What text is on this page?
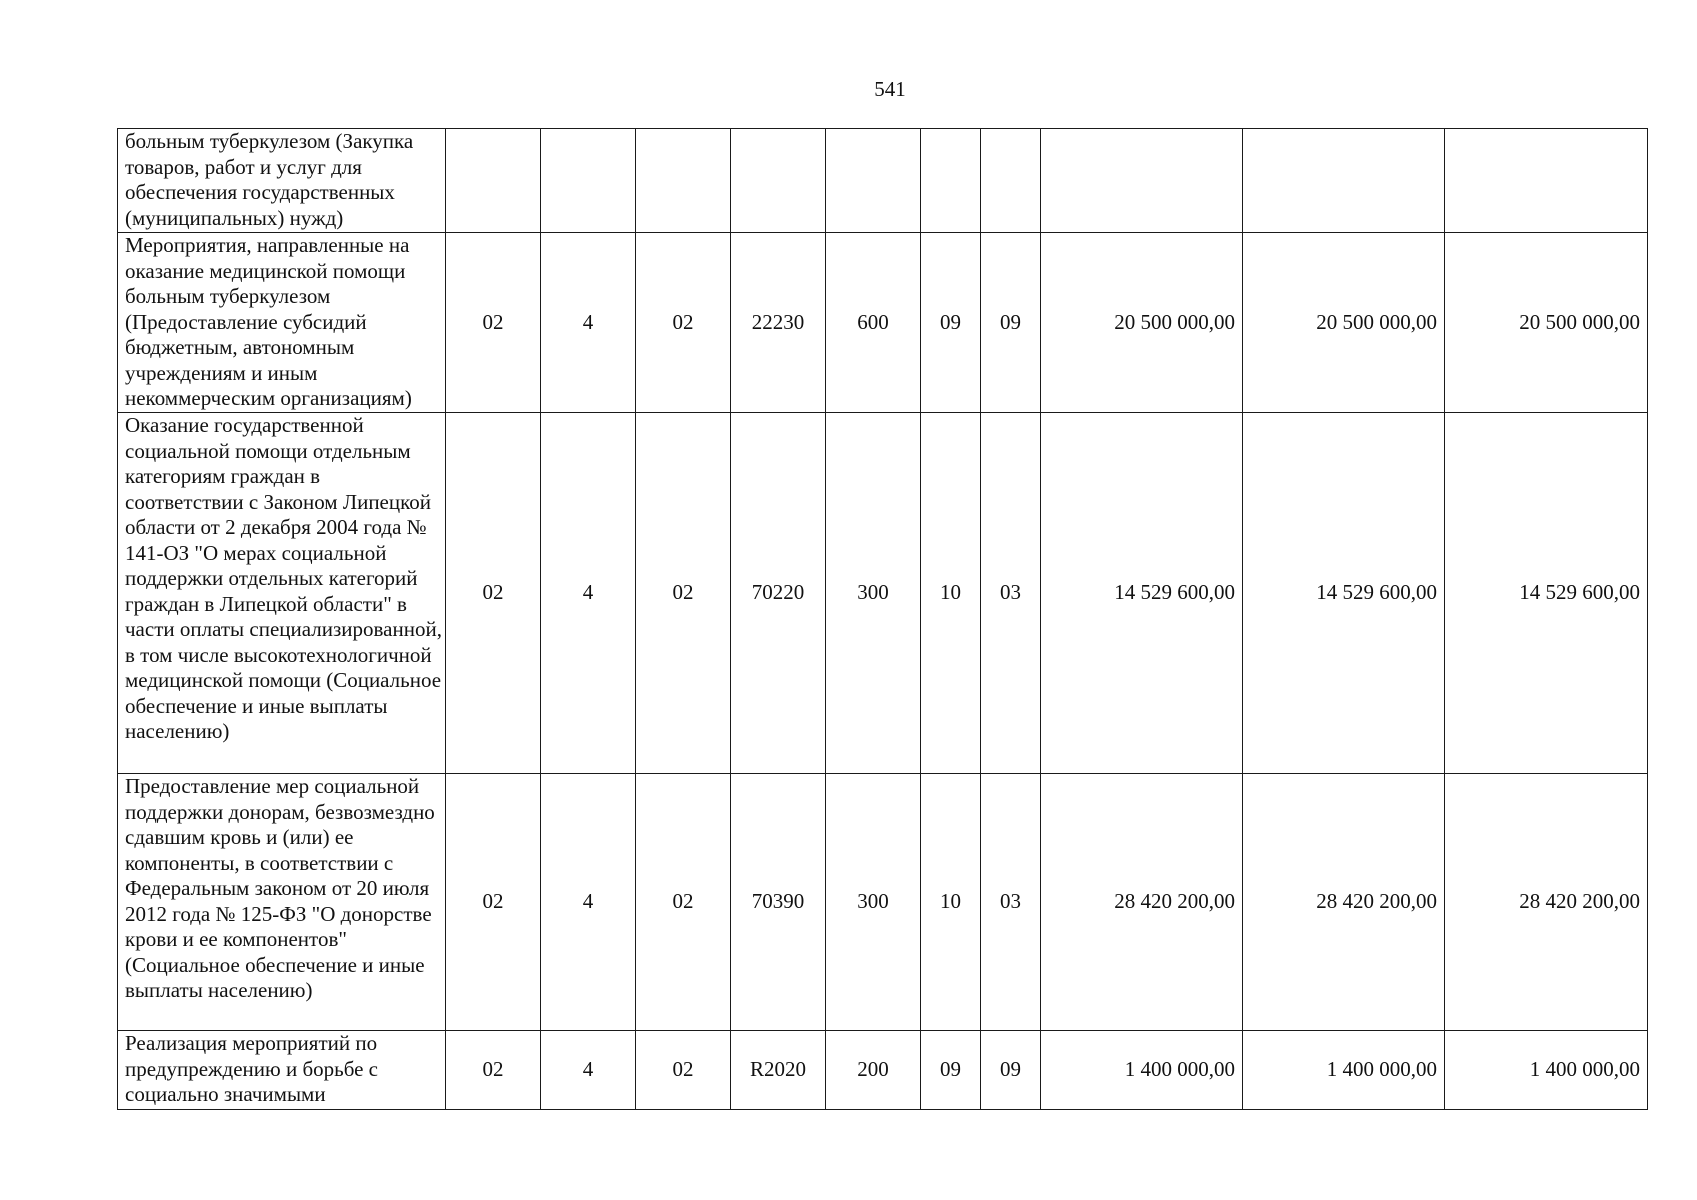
541
больным туберкулезом (Закупка товаров, работ и услуг для обеспечения государственных (муниципальных) нужд)										
Мероприятия, направленные на оказание медицинской помощи больным туберкулезом (Предоставление субсидий бюджетным, автономным учреждениям и иным некоммерческим организациям)	02	4	02	22230	600	09	09	20 500 000,00	20 500 000,00	20 500 000,00
Оказание государственной социальной помощи отдельным категориям граждан в соответствии с Законом Липецкой области от 2 декабря 2004 года № 141-ОЗ "О мерах социальной поддержки отдельных категорий граждан в Липецкой области" в части оплаты специализированной, в том числе высокотехнологичной медицинской помощи (Социальное обеспечение и иные выплаты населению)	02	4	02	70220	300	10	03	14 529 600,00	14 529 600,00	14 529 600,00
Предоставление мер социальной поддержки донорам, безвозмездно сдавшим кровь и (или) ее компоненты, в соответствии с Федеральным законом от 20 июля 2012 года № 125-ФЗ "О донорстве крови и ее компонентов" (Социальное обеспечение и иные выплаты населению)	02	4	02	70390	300	10	03	28 420 200,00	28 420 200,00	28 420 200,00
Реализация мероприятий по предупреждению и борьбе с социально значимыми	02	4	02	R2020	200	09	09	1 400 000,00	1 400 000,00	1 400 000,00
